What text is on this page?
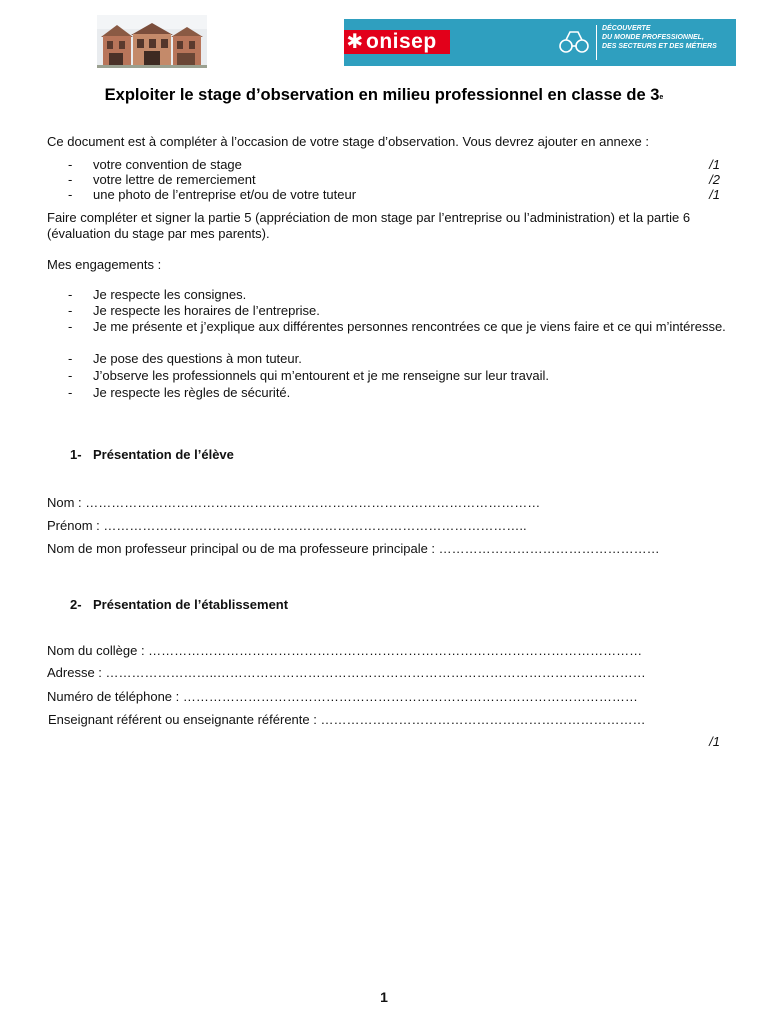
✱ onisep
DÉCOUVERTE
DU MONDE PROFESSIONNEL,
DES SECTEURS ET DES MÉTIERS
Exploiter le stage d’observation en milieu professionnel en classe de 3e
Ce document est à compléter à l’occasion de votre stage d’observation. Vous devrez ajouter en annexe :
- votre convention de stage	/1
- votre lettre de remerciement	/2
- une photo de l’entreprise et/ou de votre tuteur	/1
Faire compléter et signer la partie 5 (appréciation de mon stage par l’entreprise ou l’administration) et la partie 6 (évaluation du stage par mes parents).
Mes engagements :
- Je respecte les consignes.
- Je respecte les horaires de l’entreprise.
- Je me présente et j’explique aux différentes personnes rencontrées ce que je viens faire et ce qui m’intéresse.
- Je pose des questions à mon tuteur.
- J’observe les professionnels qui m’entourent et je me renseigne sur leur travail.
- Je respecte les règles de sécurité.
1- Présentation de l’élève
Nom : ……………………………………………………………………………………………
Prénom : ……………………………………………………………………………………..
Nom de mon professeur principal ou de ma professeure principale : ……………………………………………
2- Présentation de l’établissement
Nom du collège : ……………………………………………………………………………………………………
Adresse : ……………………..………………………………………………………………………………………
Numéro de téléphone : ……………………………………………………………………………………………
Enseignant référent ou enseignante référente : …………………………………………………………………
/1
1
